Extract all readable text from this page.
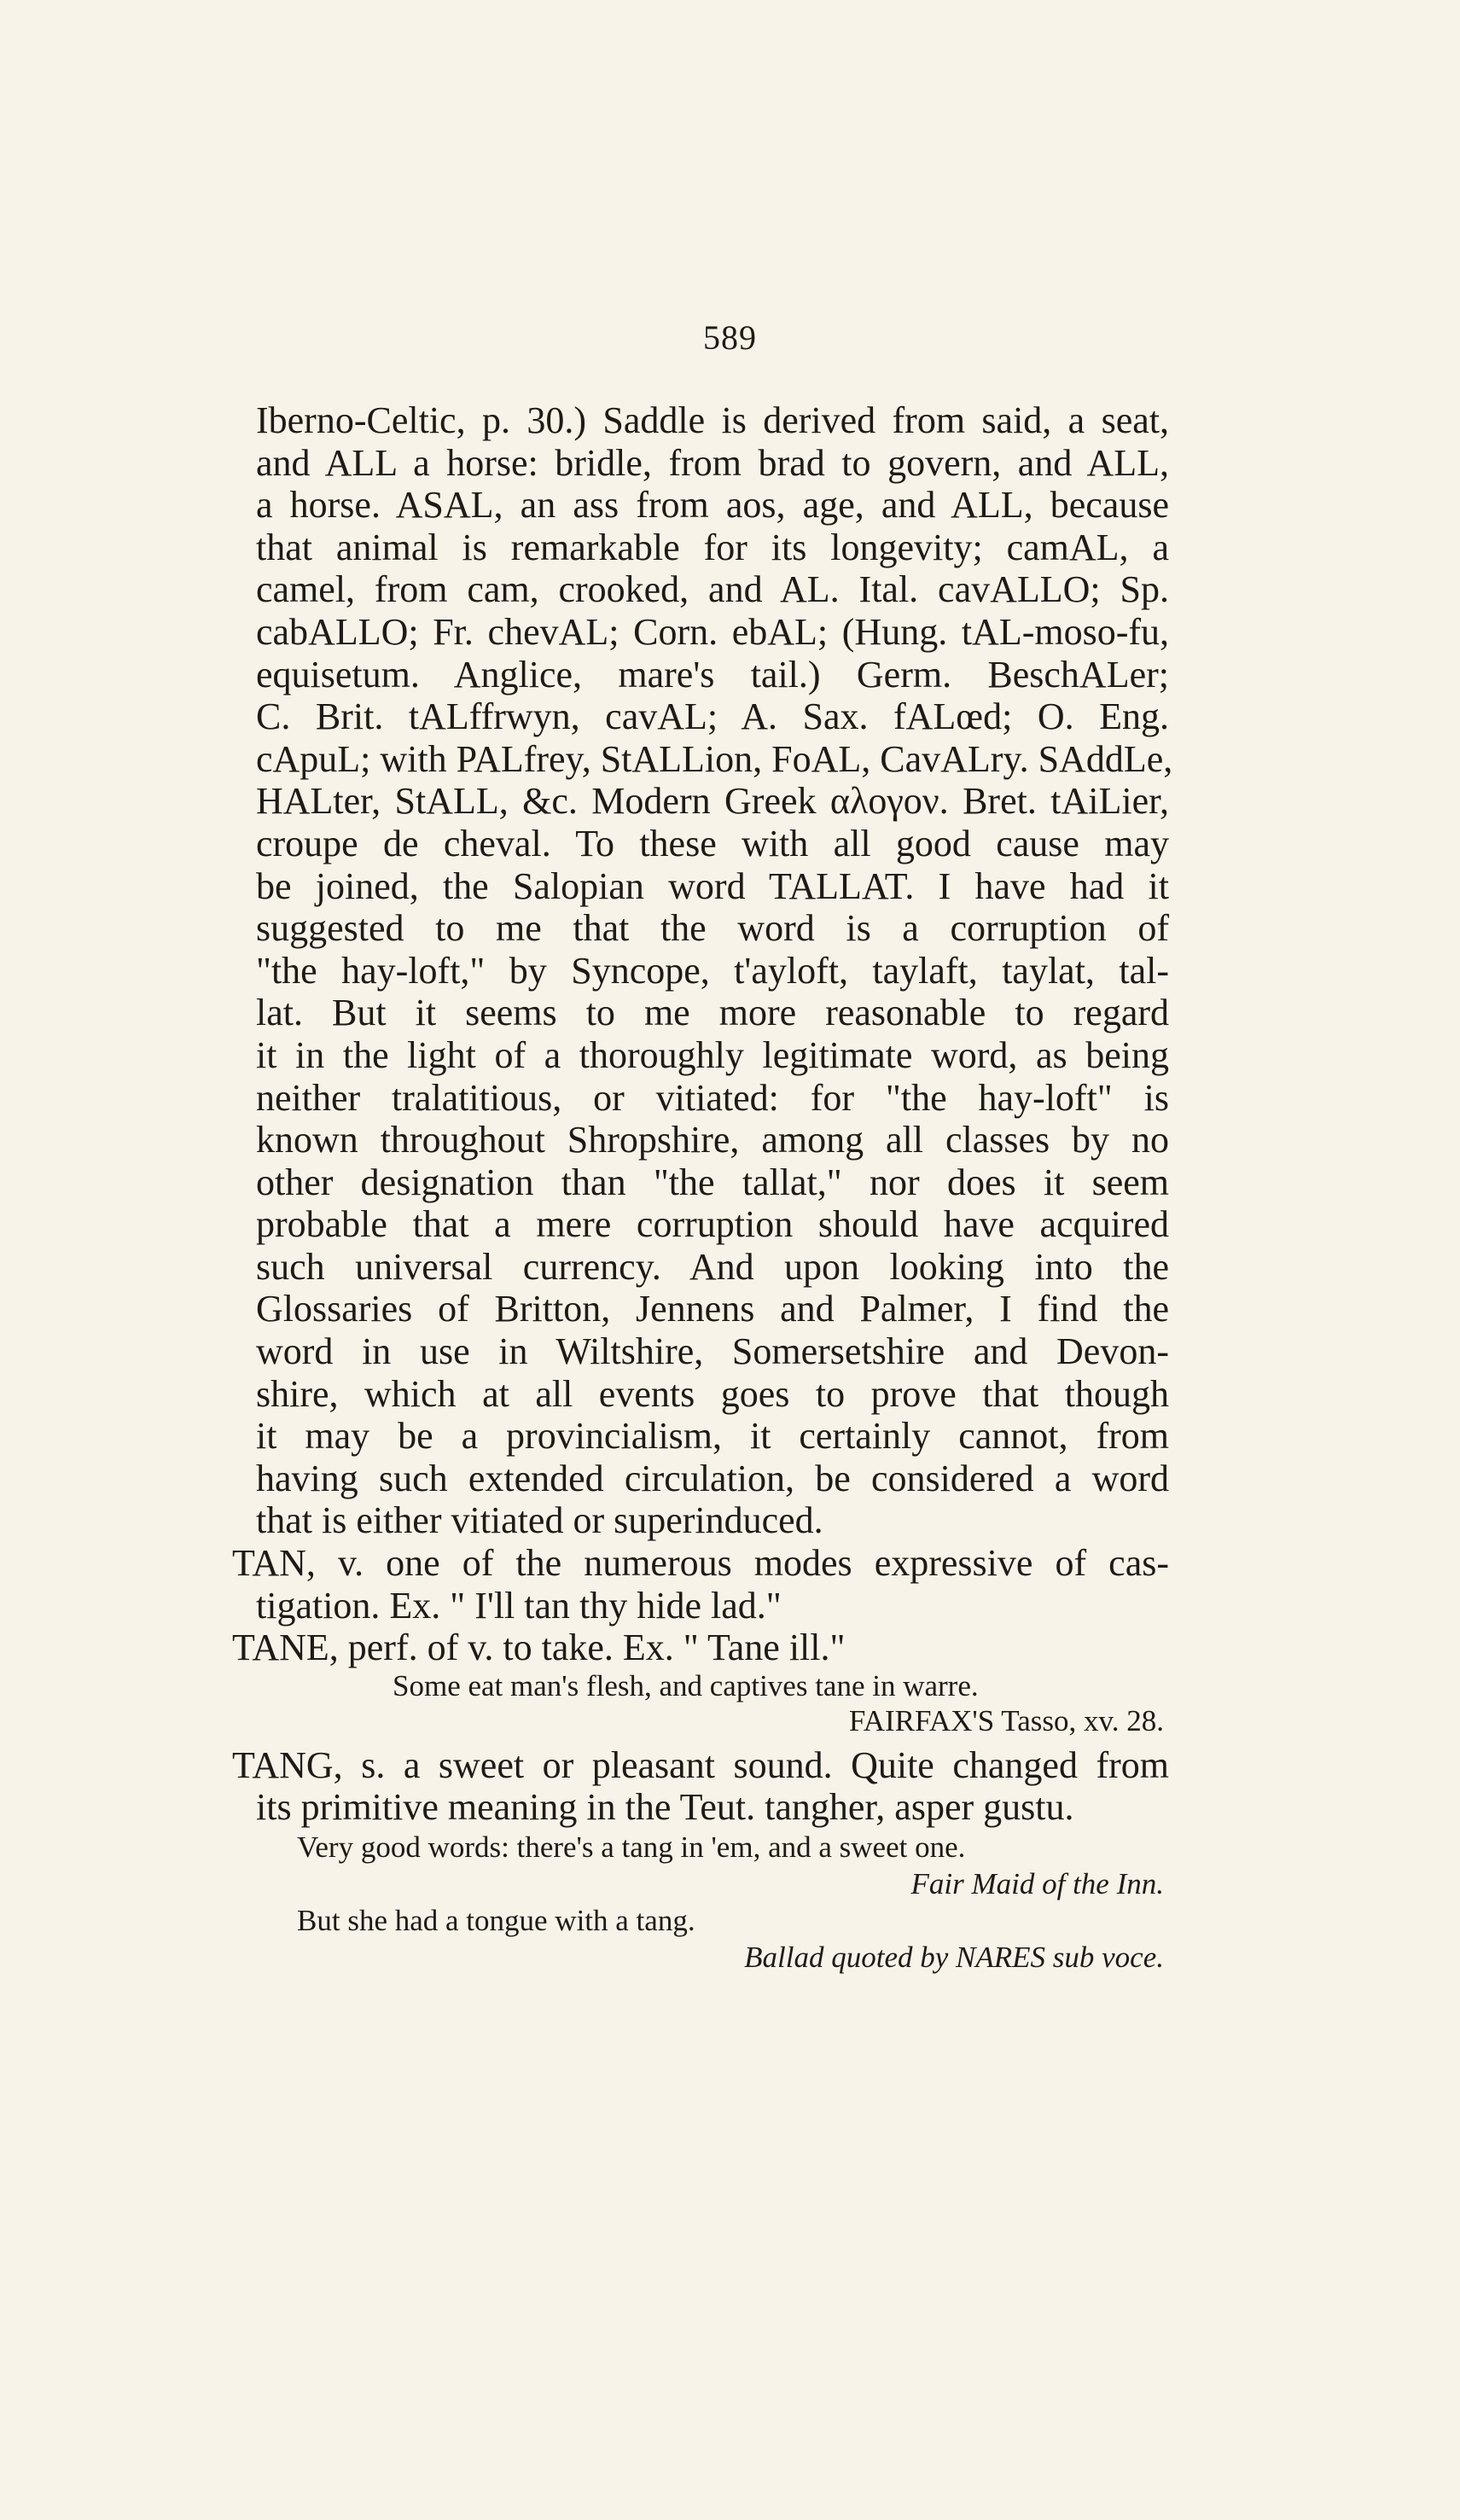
589
Iberno-Celtic, p. 30.) Saddle is derived from said, a seat,
and ALL a horse: bridle, from brad to govern, and ALL,
a horse. ASAL, an ass from aos, age, and ALL, because
that animal is remarkable for its longevity; camAL, a
camel, from cam, crooked, and AL. Ital. cavALLO; Sp.
cabALLO; Fr. chevAL; Corn. ebAL; (Hung. tAL-moso-fu,
equisetum. Anglice, mare's tail.) Germ. BeschALer;
C. Brit. tALffrwyn, cavAL; A. Sax. fALœd; O. Eng.
cApuL; with PALfrey, StALLion, FoAL, CavALry. SAddLe,
HALter, StALL, &c. Modern Greek αλογον. Bret. tAiLier,
croupe de cheval. To these with all good cause may
be joined, the Salopian word TALLAT. I have had it
suggested to me that the word is a corruption of
"the hay-loft," by Syncope, t'ayloft, taylaft, taylat, tal-
lat. But it seems to me more reasonable to regard
it in the light of a thoroughly legitimate word, as being
neither tralatitious, or vitiated: for "the hay-loft" is
known throughout Shropshire, among all classes by no
other designation than "the tallat," nor does it seem
probable that a mere corruption should have acquired
such universal currency. And upon looking into the
Glossaries of Britton, Jennens and Palmer, I find the
word in use in Wiltshire, Somersetshire and Devon-
shire, which at all events goes to prove that though
it may be a provincialism, it certainly cannot, from
having such extended circulation, be considered a word
that is either vitiated or superinduced.
TAN, v. one of the numerous modes expressive of cas-
tigation. Ex. " I'll tan thy hide lad."
TANE, perf. of v. to take. Ex. " Tane ill."
Some eat man's flesh, and captives tane in warre.
FAIRFAX'S Tasso, xv. 28.
TANG, s. a sweet or pleasant sound. Quite changed from
its primitive meaning in the Teut. tangher, asper gustu.
Very good words: there's a tang in 'em, and a sweet one.
Fair Maid of the Inn.
But she had a tongue with a tang.
Ballad quoted by NARES sub voce.
